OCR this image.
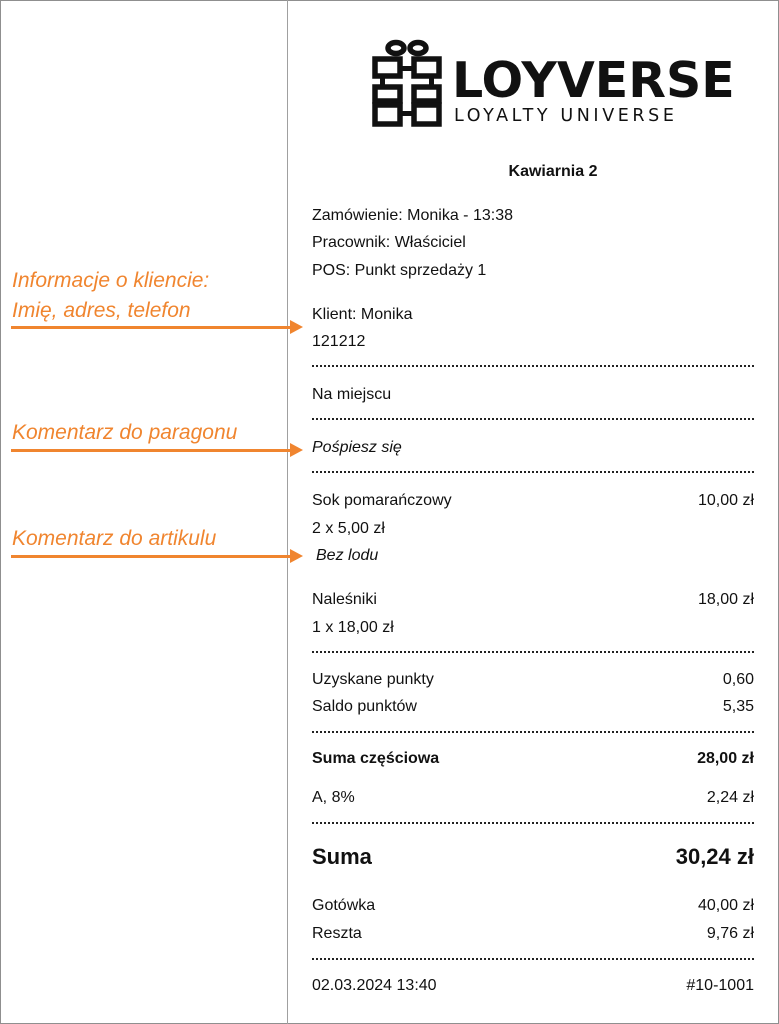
Informacje o kliencie:
Imię, adres, telefon
Komentarz do paragonu
Komentarz do artikulu
LOYVERSE
LOYALTY UNIVERSE
Kawiarnia 2
Zamówienie: Monika - 13:38
Pracownik: Właściciel
POS: Punkt sprzedaży 1
Klient: Monika
121212
Na miejscu
Pośpiesz się
Sok pomarańczowy	10,00 zł
2 x 5,00 zł
Bez lodu
Naleśniki	18,00 zł
1 x 18,00 zł
Uzyskane punkty	0,60
Saldo punktów	5,35
Suma częściowa	28,00 zł
A, 8%	2,24 zł
Suma	30,24 zł
Gotówka	40,00 zł
Reszta	9,76 zł
02.03.2024 13:40	#10-1001
